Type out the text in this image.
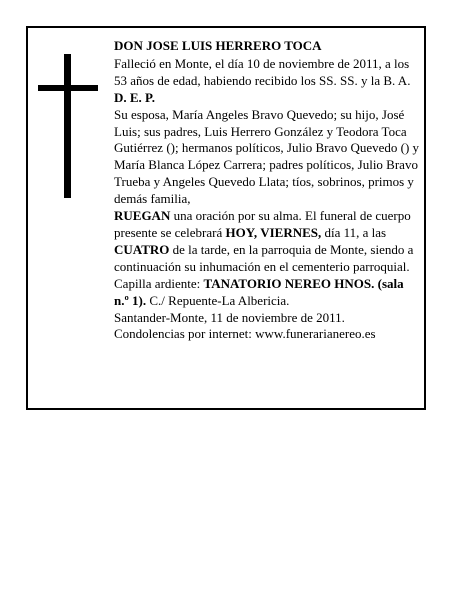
DON JOSE LUIS HERRERO TOCA

Falleció en Monte, el día 10 de noviembre de 2011, a los 53 años de edad, habiendo recibido los SS. SS. y la B. A.

D. E. P.

Su esposa, María Angeles Bravo Quevedo; su hijo, José Luis; sus padres, Luis Herrero González y Teodora Toca Gutiérrez (); hermanos políticos, Julio Bravo Quevedo () y María Blanca López Carrera; padres políticos, Julio Bravo Trueba y Angeles Quevedo Llata; tíos, sobrinos, primos y demás familia,

RUEGAN una oración por su alma. El funeral de cuerpo presente se celebrará HOY, VIERNES, día 11, a las CUATRO de la tarde, en la parroquia de Monte, siendo a continuación su inhumación en el cementerio parroquial. Capilla ardiente: TANATORIO NEREO HNOS. (sala n.º 1). C./ Repuente-La Albericia.

Santander-Monte, 11 de noviembre de 2011.

Condolencias por internet: www.funerarianereo.es
